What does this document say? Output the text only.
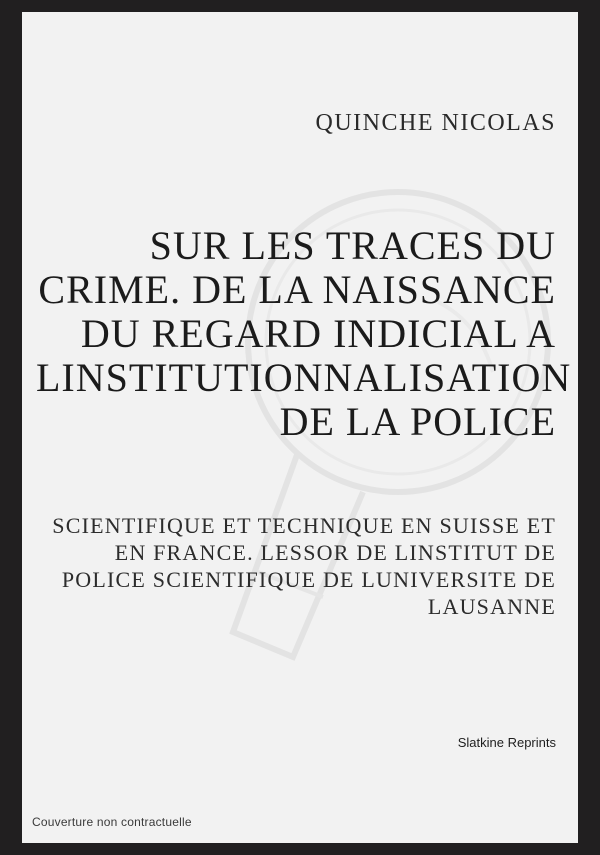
QUINCHE NICOLAS
SUR LES TRACES DU CRIME. DE LA NAISSANCE DU REGARD INDICIAL A LINSTITUTIONNALISATION DE LA POLICE
SCIENTIFIQUE ET TECHNIQUE EN SUISSE ET EN FRANCE. LESSOR DE LINSTITUT DE POLICE SCIENTIFIQUE DE LUNIVERSITE DE LAUSANNE
Slatkine Reprints
Couverture non contractuelle
